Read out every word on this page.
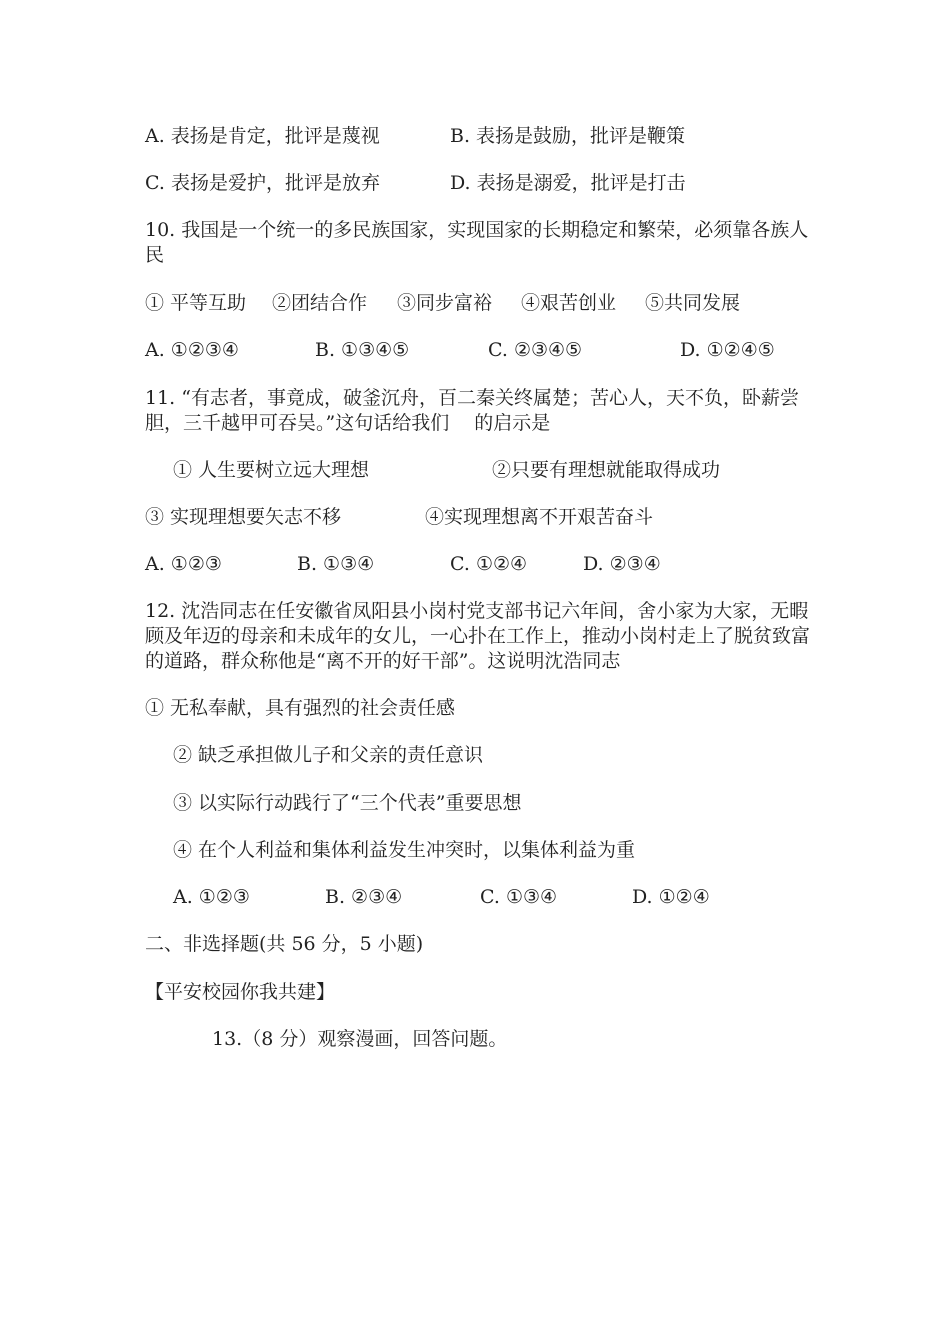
A. 表扬是肯定，批评是蔑视	B. 表扬是鼓励，批评是鞭策
C. 表扬是爱护，批评是放弃	D. 表扬是溺爱，批评是打击
10. 我国是一个统一的多民族国家，实现国家的长期稳定和繁荣，必须靠各族人民
① 平等互助 ②团结合作 ③同步富裕 ④艰苦创业 ⑤共同发展
A. ①②③④	B. ①③④⑤	C. ②③④⑤	D. ①②④⑤
11. “有志者，事竟成，破釜沉舟，百二秦关终属楚；苦心人，天不负，卧薪尝胆，三千越甲可吞吴。”这句话给我们　 的启示是
① 人生要树立远大理想	②只要有理想就能取得成功
③ 实现理想要矢志不移	④实现理想离不开艰苦奋斗
A. ①②③	B. ①③④	C. ①②④	D. ②③④
12. 沈浩同志在任安徽省凤阳县小岗村党支部书记六年间，舍小家为大家，无暇顾及年迈的母亲和未成年的女儿，一心扑在工作上，推动小岗村走上了脱贫致富的道路，群众称他是“离不开的好干部”。这说明沈浩同志
① 无私奉献，具有强烈的社会责任感
② 缺乏承担做儿子和父亲的责任意识
③ 以实际行动践行了“三个代表”重要思想
④ 在个人利益和集体利益发生冲突时，以集体利益为重
A. ①②③	B. ②③④	C. ①③④	D. ①②④
二、非选择题(共 56 分，5 小题)
【平安校园你我共建】
13.（8 分）观察漫画，回答问题。
